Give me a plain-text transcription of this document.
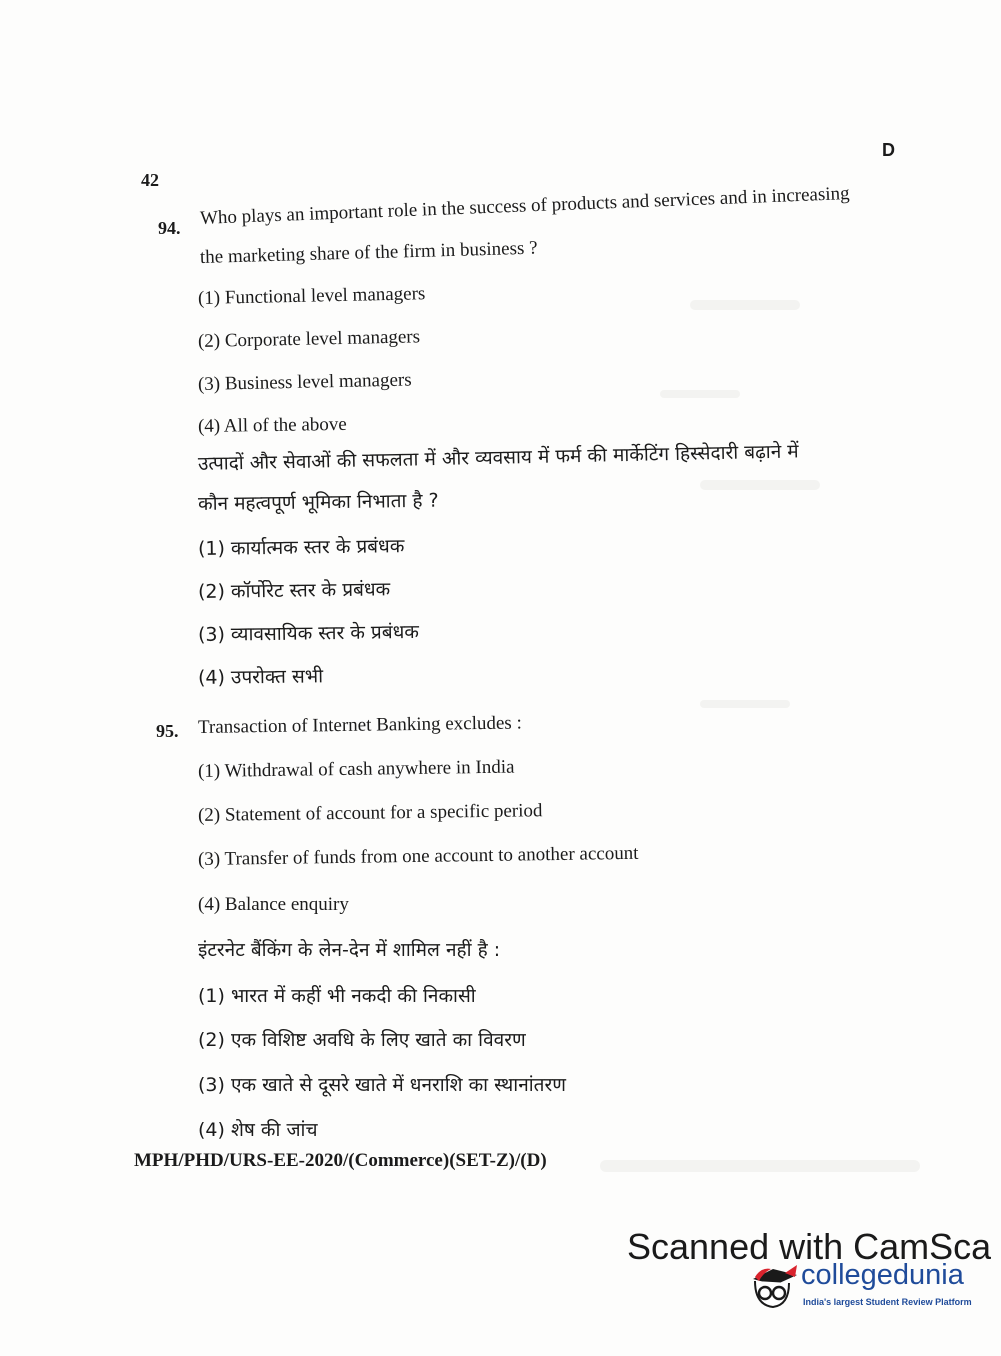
42
D
94. Who plays an important role in the success of products and services and in increasing
the marketing share of the firm in business ?
(1) Functional level managers
(2) Corporate level managers
(3) Business level managers
(4) All of the above
उत्पादों और सेवाओं की सफलता में और व्यवसाय में फर्म की मार्केटिंग हिस्सेदारी बढ़ाने में
कौन महत्वपूर्ण भूमिका निभाता है ?
(1) कार्यात्मक स्तर के प्रबंधक
(2) कॉर्पोरेट स्तर के प्रबंधक
(3) व्यावसायिक स्तर के प्रबंधक
(4) उपरोक्त सभी
95. Transaction of Internet Banking excludes :
(1) Withdrawal of cash anywhere in India
(2) Statement of account for a specific period
(3) Transfer of funds from one account to another account
(4) Balance enquiry
इंटरनेट बैंकिंग के लेन-देन में शामिल नहीं है :
(1) भारत में कहीं भी नकदी की निकासी
(2) एक विशिष्ट अवधि के लिए खाते का विवरण
(3) एक खाते से दूसरे खाते में धनराशि का स्थानांतरण
(4) शेष की जांच
MPH/PHD/URS-EE-2020/(Commerce)(SET-Z)/(D)
Scanned with CamSca
collegedunia
India's largest Student Review Platform
